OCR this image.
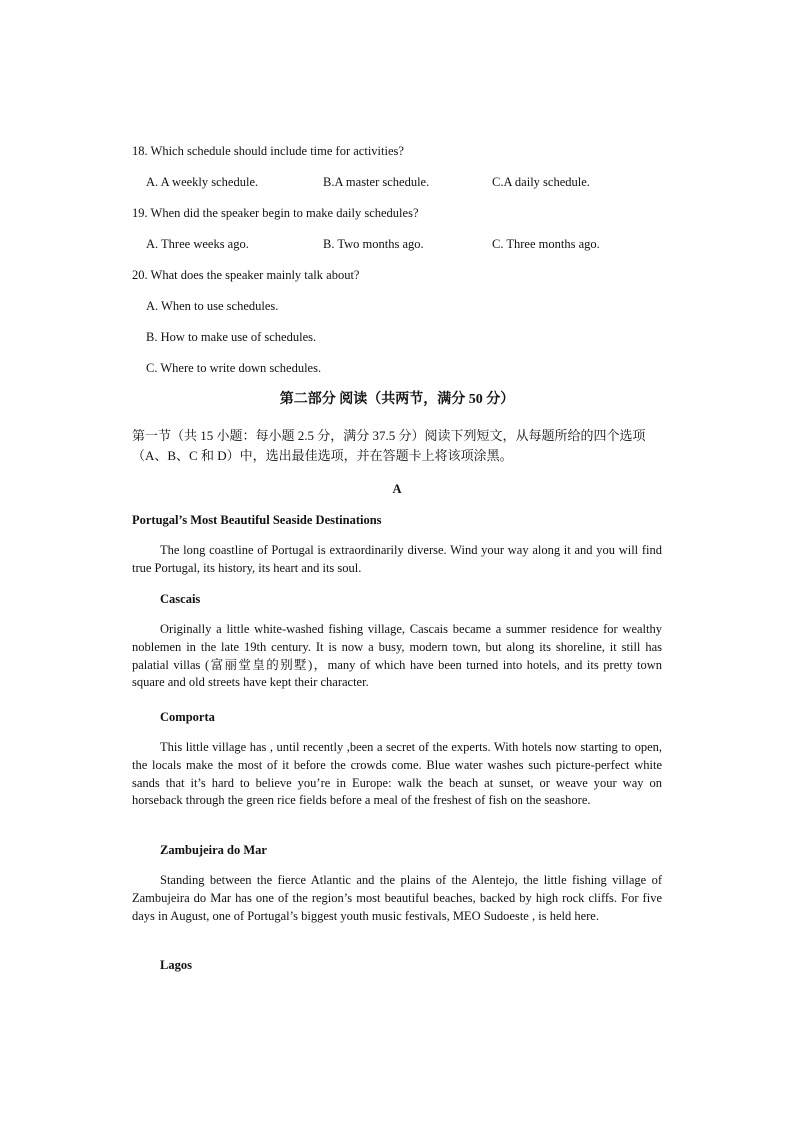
18. Which schedule should include time for activities?
A. A weekly schedule.	B.A master schedule.	C.A daily schedule.
19. When did the speaker begin to make daily schedules?
A. Three weeks ago.	B. Two months ago.	C. Three months ago.
20. What does the speaker mainly talk about?
A. When to use schedules.
B. How to make use of schedules.
C. Where to write down schedules.
第二部分 阅读（共两节，满分 50 分）
第一节（共 15 小题：每小题 2.5 分，满分 37.5 分）阅读下列短文，从每题所给的四个选项（A、B、C 和 D）中，选出最佳选项，并在答题卡上将该项涂黑。
A
Portugal’s Most Beautiful Seaside Destinations
The long coastline of Portugal is extraordinarily diverse. Wind your way along it and you will find true Portugal, its history, its heart and its soul.
Cascais
Originally a little white-washed fishing village, Cascais became a summer residence for wealthy noblemen in the late 19th century. It is now a busy, modern town, but along its shoreline, it still has palatial villas (富丽堂皇的别墅)，many of which have been turned into hotels, and its pretty town square and old streets have kept their character.
Comporta
This little village has , until recently ,been a secret of the experts. With hotels now starting to open, the locals make the most of it before the crowds come. Blue water washes such picture-perfect white sands that it’s hard to believe you’re in Europe: walk the beach at sunset, or weave your way on horseback through the green rice fields before a meal of the freshest of fish on the seashore.
Zambujeira do Mar
Standing between the fierce Atlantic and the plains of the Alentejo, the little fishing village of Zambujeira do Mar has one of the region’s most beautiful beaches, backed by high rock cliffs. For five days in August, one of Portugal’s biggest youth music festivals, MEO Sudoeste , is held here.
Lagos
